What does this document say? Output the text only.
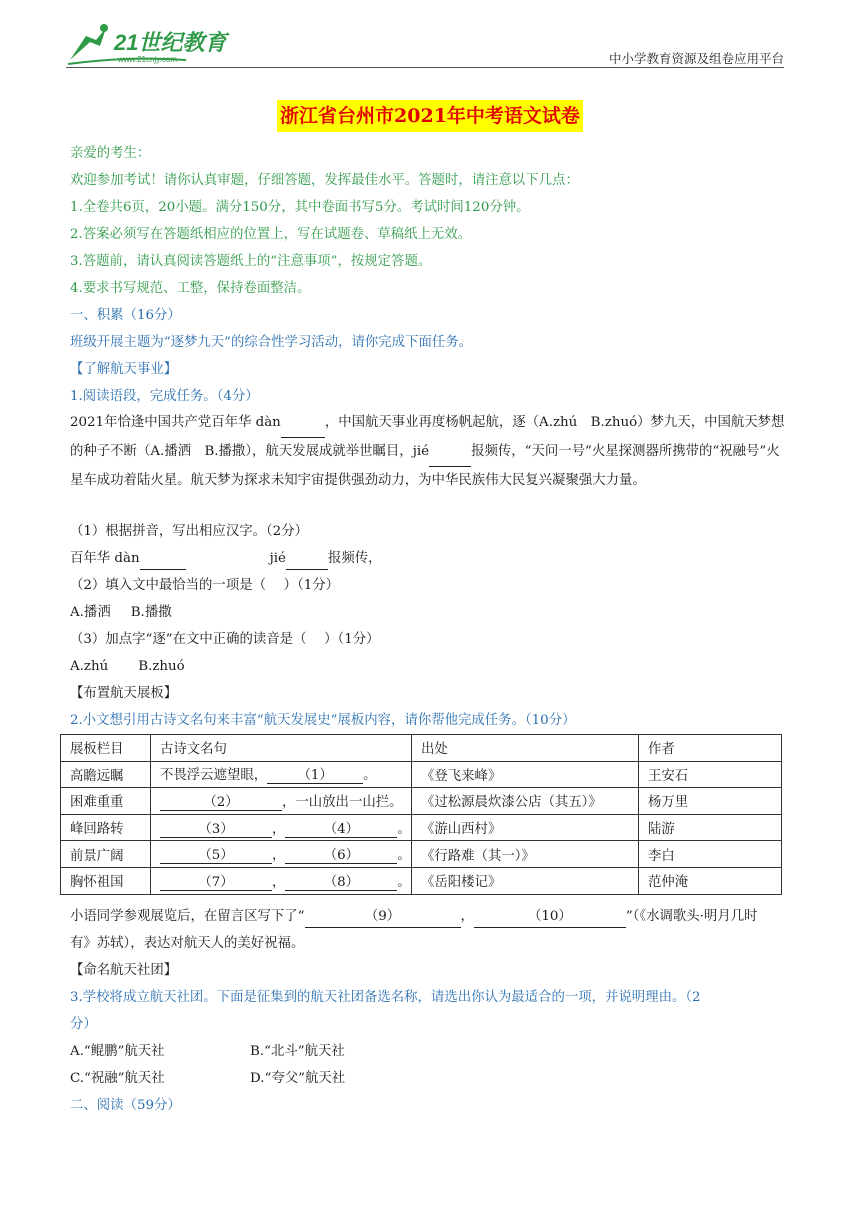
21世纪教育
www.21cnjy.com	中小学教育资源及组卷应用平台
浙江省台州市2021年中考语文试卷
亲爱的考生：
欢迎参加考试！请你认真审题，仔细答题，发挥最佳水平。答题时，请注意以下几点：
1.全卷共6页，20小题。满分150分，其中卷面书写5分。考试时间120分钟。
2.答案必须写在答题纸相应的位置上，写在试题卷、草稿纸上无效。
3.答题前，请认真阅读答题纸上的“注意事项”，按规定答题。
4.要求书写规范、工整，保持卷面整洁。
一、积累（16分）
班级开展主题为“逐梦九天”的综合性学习活动，请你完成下面任务。
【了解航天事业】
1.阅读语段，完成任务。（4分）
2021年恰逢中国共产党百年华 dàn	，中国航天事业再度杨帆起航，逐（A.zhú　B.zhuó）梦九天，中国航天梦想的种子不断（A.播洒　B.播撒），航天发展成就举世瞩目，jié	报频传，“天问一号”火星探测器所携带的“祝融号”火星车成功着陆火星。航天梦为探求未知宇宙提供强劲动力，为中华民族伟大民复兴凝聚强大力量。
（1）根据拼音，写出相应汉字。（2分）
百年华 dàn	jié	报频传，
（2）填入文中最恰当的一项是（　 ）（1分）
A.播洒 B.播撒
（3）加点字“逐”在文中正确的读音是（　 ）（1分）
A.zhú B.zhuó
【布置航天展板】
2.小文想引用古诗文名句来丰富“航天发展史”展板内容，请你帮他完成任务。（10分）
展板栏目	古诗文名句	出处	作者
高瞻远瞩	不畏浮云遮望眼， （1） 。	《登飞来峰》	王安石
困难重重	（2） ，一山放出一山拦。	《过松源晨炊漆公店（其五）》	杨万里
峰回路转	（3） ， （4） 。	《游山西村》	陆游
前景广阔	（5） ， （6） 。	《行路难（其一）》	李白
胸怀祖国	（7） ， （8） 。	《岳阳楼记》	范仲淹
小语同学参观展览后，在留言区写下了“	（9）	，	（10）	”（《水调歌头·明月几时
有》苏轼），表达对航天人的美好祝福。
【命名航天社团】
3.学校将成立航天社团。下面是征集到的航天社团备选名称，请选出你认为最适合的一项，并说明理由。（2
分）
A.“鲲鹏”航天社	B.“北斗”航天社
C.“祝融”航天社	D.“夸父”航天社
二、阅读（59分）
